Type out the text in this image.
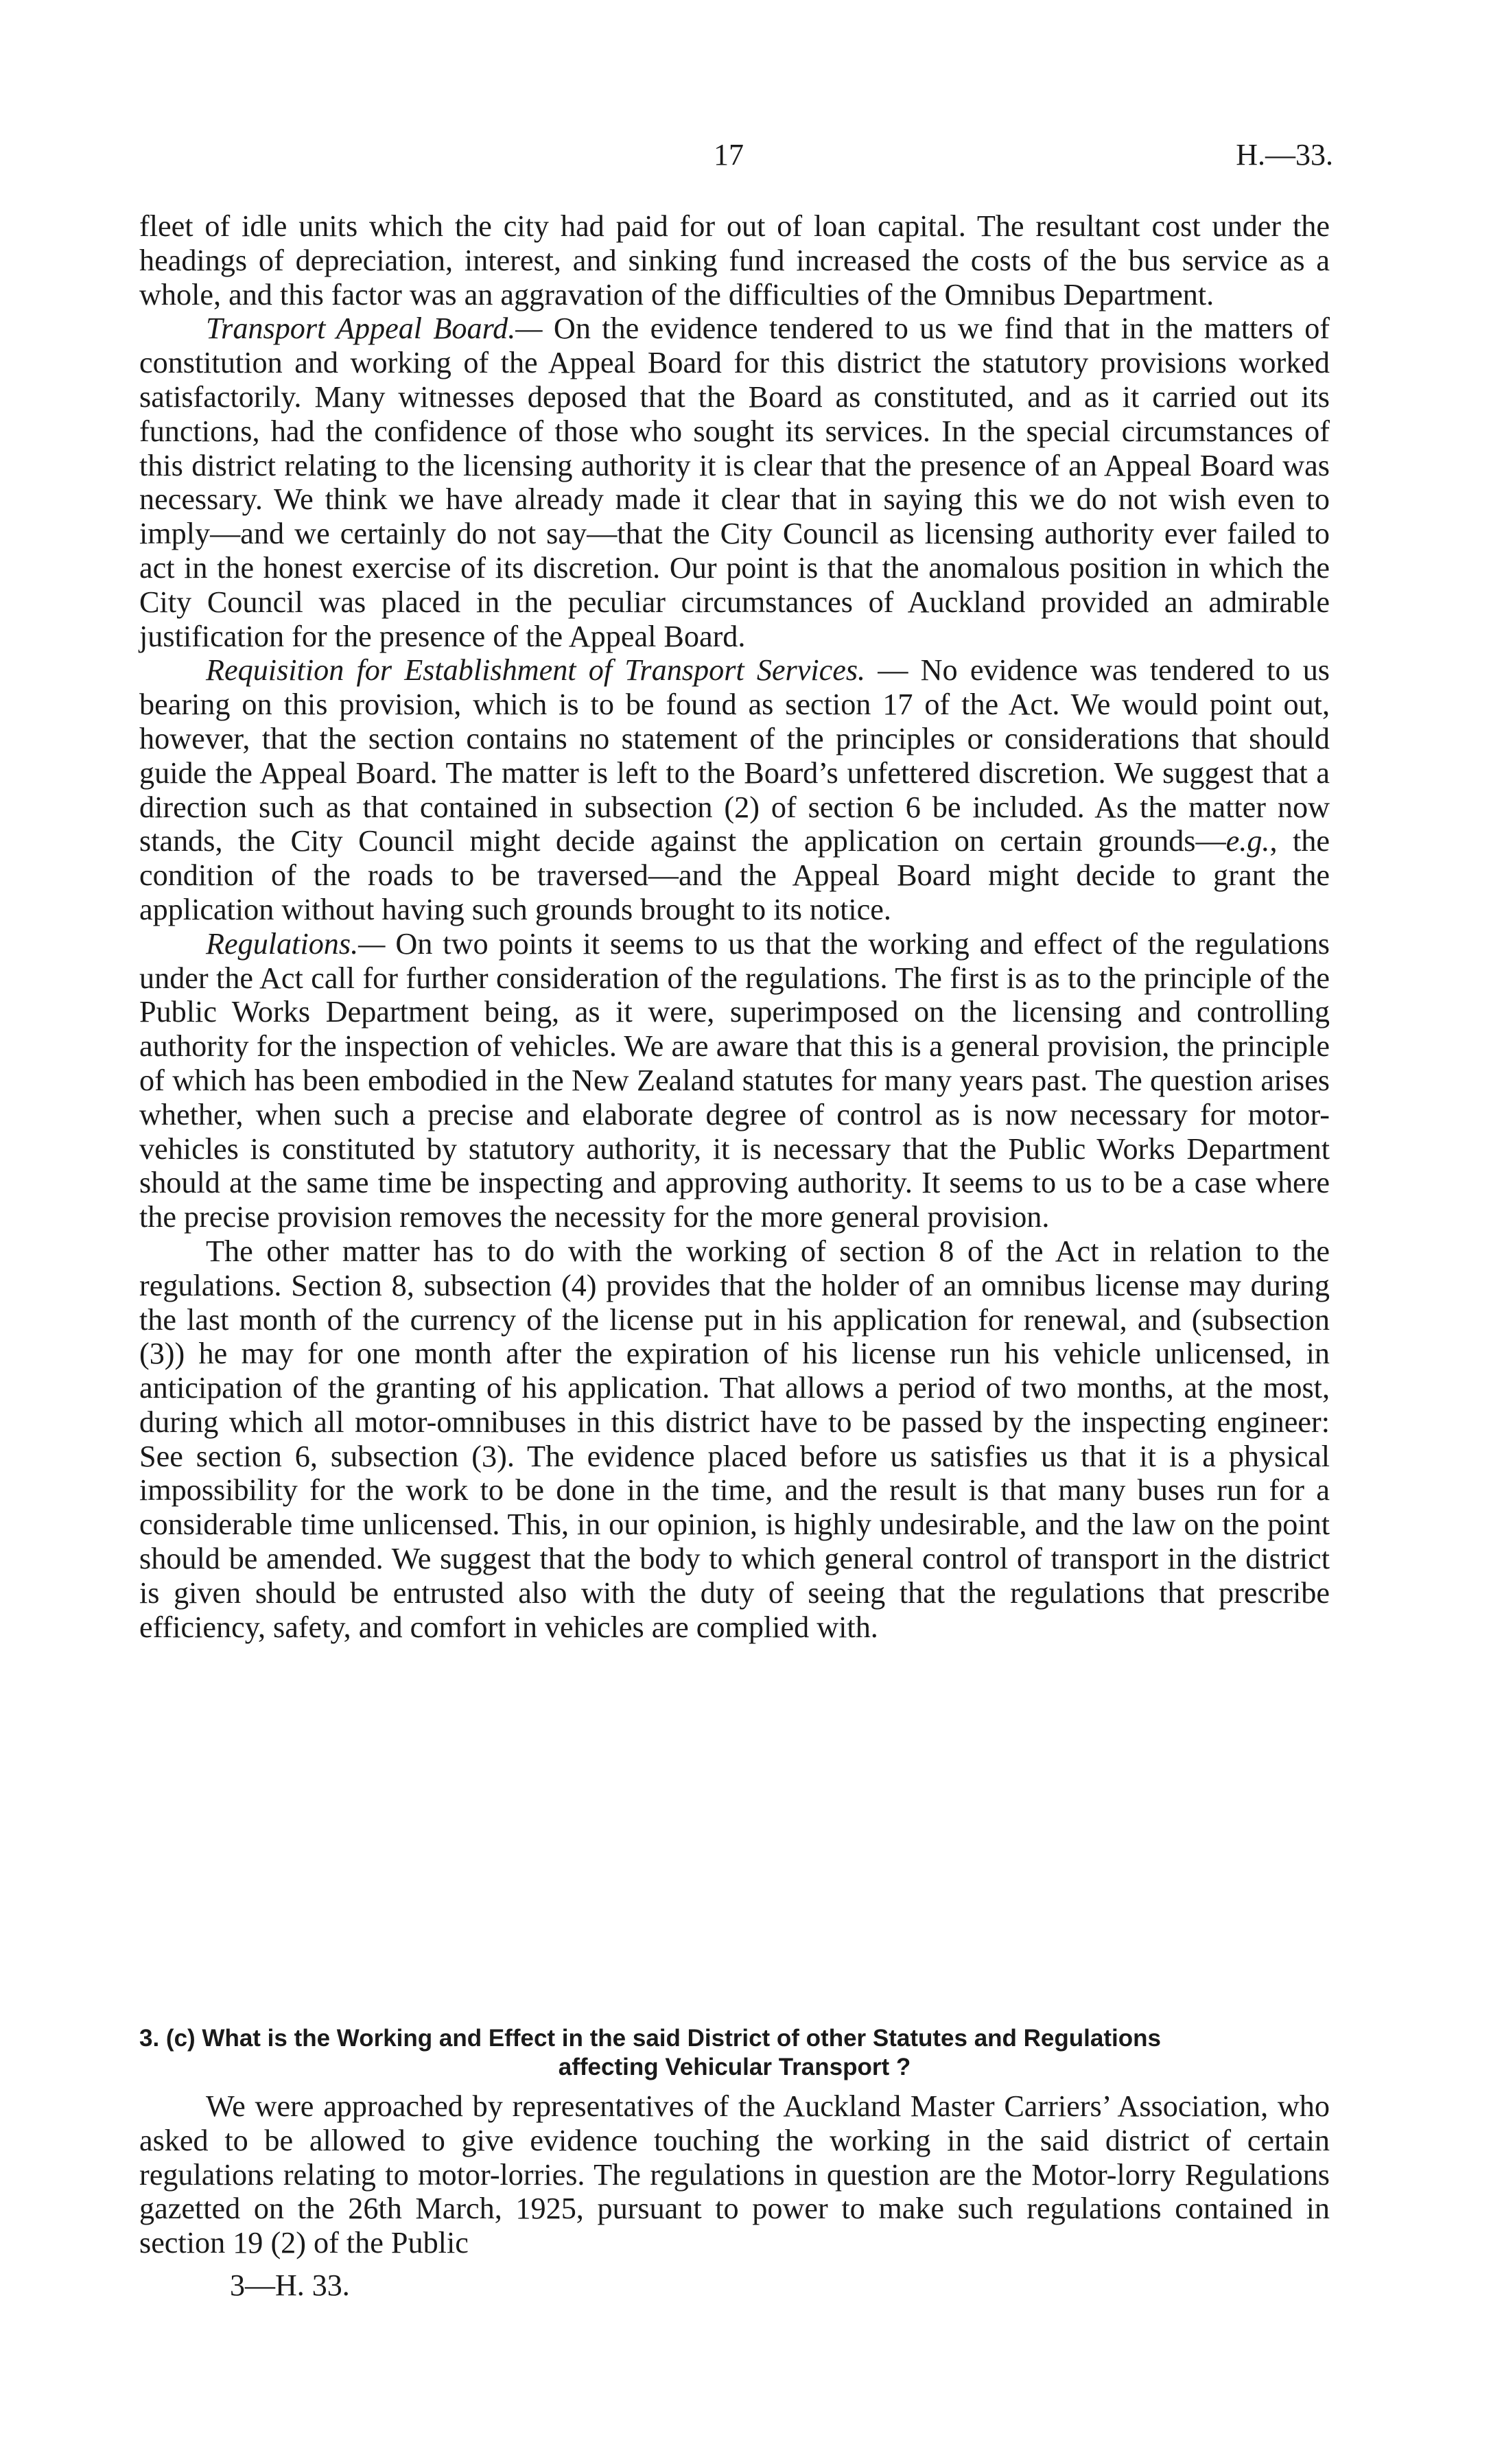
17	H.—33.

fleet of idle units which the city had paid for out of loan capital. The resultant cost under the headings of depreciation, interest, and sinking fund increased the costs of the bus service as a whole, and this factor was an aggravation of the difficulties of the Omnibus Department.

Transport Appeal Board.— On the evidence tendered to us we find that in the matters of constitution and working of the Appeal Board for this district the statutory provisions worked satisfactorily. Many witnesses deposed that the Board as constituted, and as it carried out its functions, had the confidence of those who sought its services. In the special circumstances of this district relating to the licensing authority it is clear that the presence of an Appeal Board was necessary. We think we have already made it clear that in saying this we do not wish even to imply—and we certainly do not say—that the City Council as licensing authority ever failed to act in the honest exercise of its discretion. Our point is that the anomalous position in which the City Council was placed in the peculiar circumstances of Auckland provided an admirable justification for the presence of the Appeal Board.

Requisition for Establishment of Transport Services. — No evidence was tendered to us bearing on this provision, which is to be found as section 17 of the Act. We would point out, however, that the section contains no statement of the principles or considerations that should guide the Appeal Board. The matter is left to the Board’s unfettered discretion. We suggest that a direction such as that contained in subsection (2) of section 6 be included. As the matter now stands, the City Council might decide against the application on certain grounds—e.g., the condition of the roads to be traversed—and the Appeal Board might decide to grant the application without having such grounds brought to its notice.

Regulations.— On two points it seems to us that the working and effect of the regulations under the Act call for further consideration of the regulations. The first is as to the principle of the Public Works Department being, as it were, superimposed on the licensing and controlling authority for the inspection of vehicles. We are aware that this is a general provision, the principle of which has been embodied in the New Zealand statutes for many years past. The question arises whether, when such a precise and elaborate degree of control as is now necessary for motor-vehicles is constituted by statutory authority, it is necessary that the Public Works Department should at the same time be inspecting and approving authority. It seems to us to be a case where the precise provision removes the necessity for the more general provision.

The other matter has to do with the working of section 8 of the Act in relation to the regulations. Section 8, subsection (4) provides that the holder of an omnibus license may during the last month of the currency of the license put in his application for renewal, and (subsection (3)) he may for one month after the expiration of his license run his vehicle unlicensed, in anticipation of the granting of his application. That allows a period of two months, at the most, during which all motor-omnibuses in this district have to be passed by the inspecting engineer: See section 6, subsection (3). The evidence placed before us satisfies us that it is a physical impossibility for the work to be done in the time, and the result is that many buses run for a considerable time unlicensed. This, in our opinion, is highly undesirable, and the law on the point should be amended. We suggest that the body to which general control of transport in the district is given should be entrusted also with the duty of seeing that the regulations that prescribe efficiency, safety, and comfort in vehicles are complied with.

3. (c) What is the Working and Effect in the said District of other Statutes and Regulations
affecting Vehicular Transport ?

We were approached by representatives of the Auckland Master Carriers’ Association, who asked to be allowed to give evidence touching the working in the said district of certain regulations relating to motor-lorries. The regulations in question are the Motor-lorry Regulations gazetted on the 26th March, 1925, pursuant to power to make such regulations contained in section 19 (2) of the Public

3—H. 33.
